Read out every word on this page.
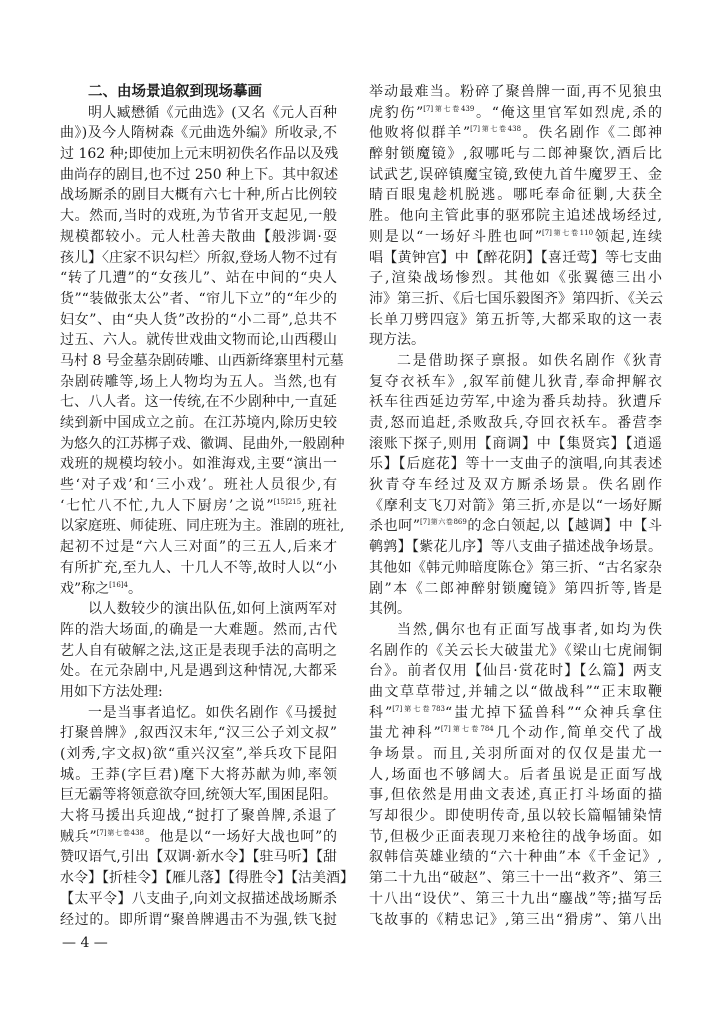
二、由场景追叙到现场摹画
明人臧懋循《元曲选》(又名《元人百种
曲》)及今人隋树森《元曲选外编》所收录,不
过 162 种;即使加上元末明初佚名作品以及残
曲尚存的剧目,也不过 250 种上下。其中叙述
战场厮杀的剧目大概有六七十种,所占比例较
大。然而,当时的戏班,为节省开支起见,一般
规模都较小。元人杜善夫散曲【般涉调·耍
孩儿】〈庄家不识勾栏〉所叙,登场人物不过有
“转了几遭”的“女孩儿”、站在中间的“央人
货”“装做张太公”者、“帘儿下立”的“年少的
妇女”、由“央人货”改扮的“小二哥”,总共不
过五、六人。就传世戏曲文物而论,山西稷山
马村 8 号金墓杂剧砖雕、山西新绛寨里村元墓
杂剧砖雕等,场上人物均为五人。当然,也有
七、八人者。这一传统,在不少剧种中,一直延
续到新中国成立之前。在江苏境内,除历史较
为悠久的江苏梆子戏、徽调、昆曲外,一般剧种
戏班的规模均较小。如淮海戏,主要“演出一
些‘对子戏’和‘三小戏’。班社人员很少,有
‘七忙八不忙,九人下厨房’之说”$^{[15]215}$,班社
以家庭班、师徒班、同庄班为主。淮剧的班社,
起初不过是“六人三对面”的三五人,后来才
有所扩充,至九人、十几人不等,故时人以“小
戏”称之$^{[16]4}$。
以人数较少的演出队伍,如何上演两军对
阵的浩大场面,的确是一大难题。然而,古代
艺人自有破解之法,这正是表现手法的高明之
处。在元杂剧中,凡是遇到这种情况,大都采
用如下方法处理:
一是当事者追忆。如佚名剧作《马援挝
打聚兽牌》,叙西汉末年,“汉三公子刘文叔”
(刘秀,字文叔)欲“重兴汉室”,举兵攻下昆阳
城。王莽(字巨君)麾下大将苏献为帅,率领
巨无霸等将领意欲夺回,统领大军,围困昆阳。
大将马援出兵迎战,“挝打了聚兽牌,杀退了
贼兵”$^{[7]第七卷438}$。他是以“一场好大战也呵”的
赞叹语气,引出【双调·新水令】【驻马听】【甜
水令】【折桂令】【雁儿落】【得胜令】【沽美酒】
【太平令】八支曲子,向刘文叔描述战场厮杀
经过的。即所谓“聚兽牌遇击不为强,铁飞挝
举动最难当。粉碎了聚兽牌一面,再不见狼虫
虎豹伤”$^{[7]第七卷439}$。“俺这里官军如烈虎,杀的
他败将似群羊”$^{[7]第七卷438}$。佚名剧作《二郎神
醉射锁魔镜》,叙哪吒与二郎神聚饮,酒后比
试武艺,误碎镇魔宝镜,致使九首牛魔罗王、金
睛百眼鬼趁机脱逃。哪吒奉命征剿,大获全
胜。他向主管此事的驱邪院主追述战场经过,
则是以“一场好斗胜也呵”$^{[7]第七卷110}$领起,连续
唱【黄钟宫】中【醉花阴】【喜迁莺】等七支曲
子,渲染战场惨烈。其他如《张翼德三出小
沛》第三折、《后七国乐毅图齐》第四折、《关云
长单刀劈四寇》第五折等,大都采取的这一表
现方法。
二是借助探子禀报。如佚名剧作《狄青
复夺衣袄车》,叙军前健儿狄青,奉命押解衣
袄车往西延边劳军,中途为番兵劫持。狄遭斥
责,怒而追赶,杀败敌兵,夺回衣袄车。番营李
滚账下探子,则用【商调】中【集贤宾】【逍遥
乐】【后庭花】等十一支曲子的演唱,向其表述
狄青夺车经过及双方厮杀场景。佚名剧作
《摩利支飞刀对箭》第三折,亦是以“一场好厮
杀也呵”$^{[7]第六卷869}$的念白领起,以【越调】中【斗
鹌鹑】【紫花儿序】等八支曲子描述战争场景。
其他如《韩元帅暗度陈仓》第三折、“古名家杂
剧”本《二郎神醉射锁魔镜》第四折等,皆是
其例。
当然,偶尔也有正面写战事者,如均为佚
名剧作的《关云长大破蚩尤》《梁山七虎闹铜
台》。前者仅用【仙吕·赏花时】【么篇】两支
曲文草草带过,并辅之以“做战科”“正末取鞭
科”$^{[7]第七卷783}$“蚩尤掉下猛兽科”“众神兵拿住
蚩尤神科”$^{[7]第七卷784}$几个动作,简单交代了战
争场景。而且,关羽所面对的仅仅是蚩尤一
人,场面也不够阔大。后者虽说是正面写战
事,但依然是用曲文表述,真正打斗场面的描
写却很少。即使明传奇,虽以较长篇幅铺染情
节,但极少正面表现刀来枪往的战争场面。如
叙韩信英雄业绩的“六十种曲”本《千金记》,
第二十九出“破赵”、第三十一出“救齐”、第三
十八出“设伏”、第三十九出“鏖战”等;描写岳
飞故事的《精忠记》,第三出“猾虏”、第八出
— 4 —
